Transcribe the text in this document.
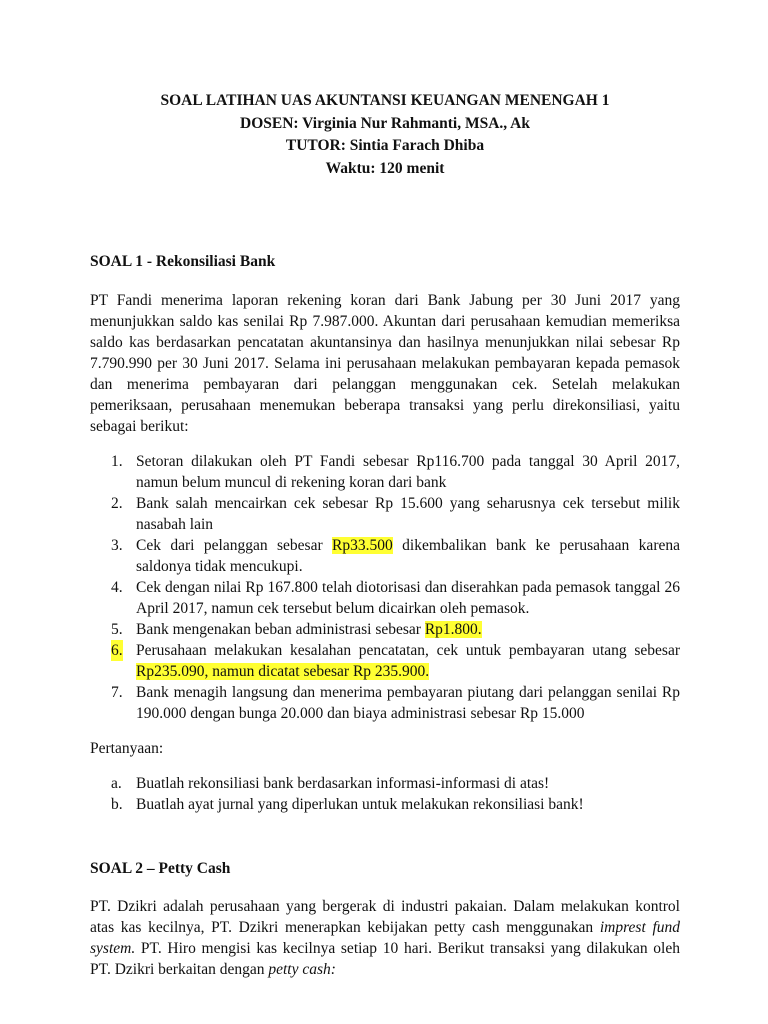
SOAL LATIHAN UAS AKUNTANSI KEUANGAN MENENGAH 1
DOSEN: Virginia Nur Rahmanti, MSA., Ak
TUTOR: Sintia Farach Dhiba
Waktu: 120 menit
SOAL 1 - Rekonsiliasi Bank

PT Fandi menerima laporan rekening koran dari Bank Jabung per 30 Juni 2017 yang menunjukkan saldo kas senilai Rp 7.987.000. Akuntan dari perusahaan kemudian memeriksa saldo kas berdasarkan pencatatan akuntansinya dan hasilnya menunjukkan nilai sebesar Rp 7.790.990 per 30 Juni 2017. Selama ini perusahaan melakukan pembayaran kepada pemasok dan menerima pembayaran dari pelanggan menggunakan cek. Setelah melakukan pemeriksaan, perusahaan menemukan beberapa transaksi yang perlu direkonsiliasi, yaitu sebagai berikut:

1. Setoran dilakukan oleh PT Fandi sebesar Rp116.700 pada tanggal 30 April 2017, namun belum muncul di rekening koran dari bank
2. Bank salah mencairkan cek sebesar Rp 15.600 yang seharusnya cek tersebut milik nasabah lain
3. Cek dari pelanggan sebesar Rp33.500 dikembalikan bank ke perusahaan karena saldonya tidak mencukupi.
4. Cek dengan nilai Rp 167.800 telah diotorisasi dan diserahkan pada pemasok tanggal 26 April 2017, namun cek tersebut belum dicairkan oleh pemasok.
5. Bank mengenakan beban administrasi sebesar Rp1.800.
6. Perusahaan melakukan kesalahan pencatatan, cek untuk pembayaran utang sebesar Rp235.090, namun dicatat sebesar Rp 235.900.
7. Bank menagih langsung dan menerima pembayaran piutang dari pelanggan senilai Rp 190.000 dengan bunga 20.000 dan biaya administrasi sebesar Rp 15.000
Pertanyaan:
a. Buatlah rekonsiliasi bank berdasarkan informasi-informasi di atas!
b. Buatlah ayat jurnal yang diperlukan untuk melakukan rekonsiliasi bank!
SOAL 2 – Petty Cash

PT. Dzikri adalah perusahaan yang bergerak di industri pakaian. Dalam melakukan kontrol atas kas kecilnya, PT. Dzikri menerapkan kebijakan petty cash menggunakan imprest fund system. PT. Hiro mengisi kas kecilnya setiap 10 hari. Berikut transaksi yang dilakukan oleh PT. Dzikri berkaitan dengan petty cash:
